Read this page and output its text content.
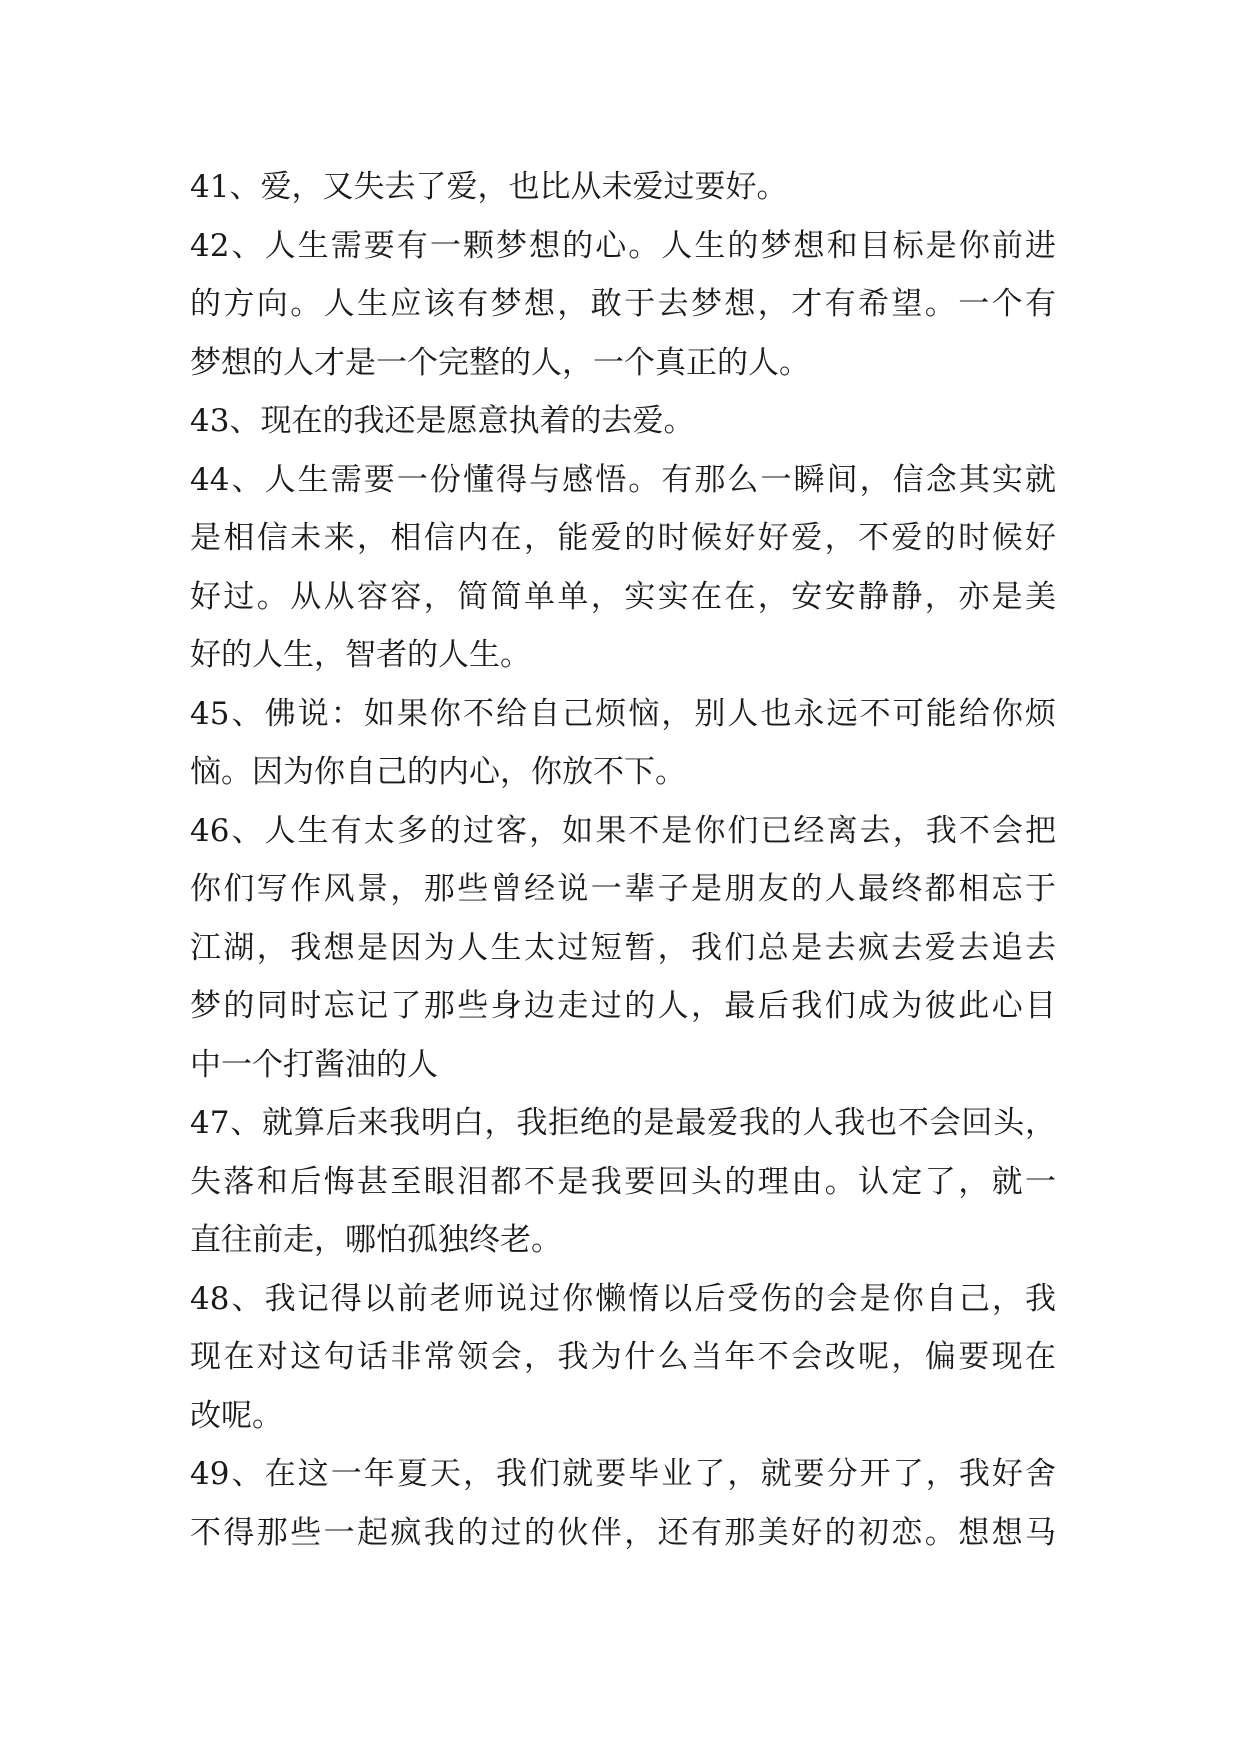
41、爱，又失去了爱，也比从未爱过要好。
42、人生需要有一颗梦想的心。人生的梦想和目标是你前进
的方向。人生应该有梦想，敢于去梦想，才有希望。一个有
梦想的人才是一个完整的人，一个真正的人。
43、现在的我还是愿意执着的去爱。
44、人生需要一份懂得与感悟。有那么一瞬间，信念其实就
是相信未来，相信内在，能爱的时候好好爱，不爱的时候好
好过。从从容容，简简单单，实实在在，安安静静，亦是美
好的人生，智者的人生。
45、佛说：如果你不给自己烦恼，别人也永远不可能给你烦
恼。因为你自己的内心，你放不下。
46、人生有太多的过客，如果不是你们已经离去，我不会把
你们写作风景，那些曾经说一辈子是朋友的人最终都相忘于
江湖，我想是因为人生太过短暂，我们总是去疯去爱去追去
梦的同时忘记了那些身边走过的人，最后我们成为彼此心目
中一个打酱油的人
47、就算后来我明白，我拒绝的是最爱我的人我也不会回头，
失落和后悔甚至眼泪都不是我要回头的理由。认定了，就一
直往前走，哪怕孤独终老。
48、我记得以前老师说过你懒惰以后受伤的会是你自己，我
现在对这句话非常领会，我为什么当年不会改呢，偏要现在
改呢。
49、在这一年夏天，我们就要毕业了，就要分开了，我好舍
不得那些一起疯我的过的伙伴，还有那美好的初恋。想想马
